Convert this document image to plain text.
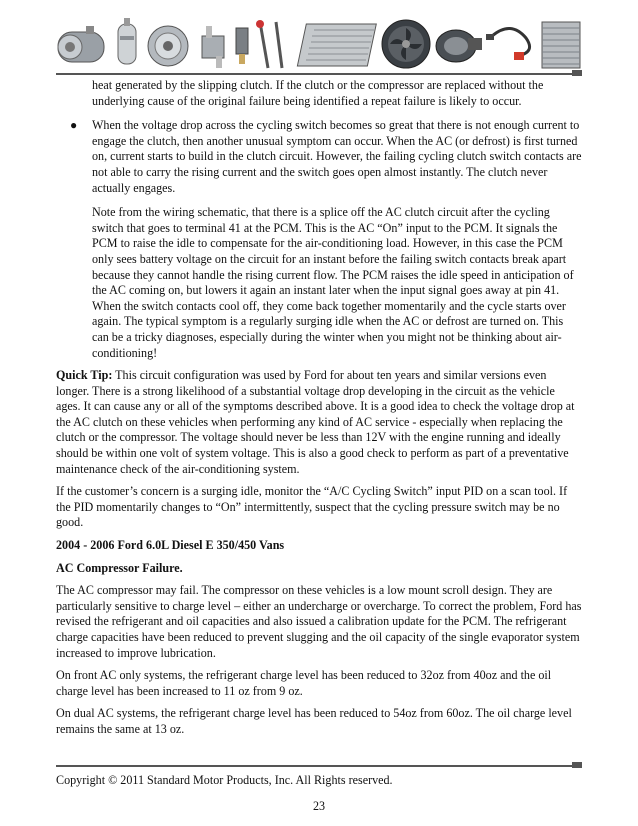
heat generated by the slipping clutch. If the clutch or the compressor are replaced without the underlying cause of the original failure being identified a repeat failure is likely to occur.

● When the voltage drop across the cycling switch becomes so great that there is not enough current to engage the clutch, then another unusual symptom can occur. When the AC (or defrost) is first turned on, current starts to build in the clutch circuit. However, the failing cycling clutch switch contacts are not able to carry the rising current and the switch goes open almost instantly. The clutch never actually engages.

Note from the wiring schematic, that there is a splice off the AC clutch circuit after the cycling switch that goes to terminal 41 at the PCM. This is the AC “On” input to the PCM. It signals the PCM to raise the idle to compensate for the air-conditioning load. However, in this case the PCM only sees battery voltage on the circuit for an instant before the failing switch contacts break apart because they cannot handle the rising current flow. The PCM raises the idle speed in anticipation of the AC coming on, but lowers it again an instant later when the input signal goes away at pin 41. When the switch contacts cool off, they come back together momentarily and the cycle starts over again. The typical symptom is a regularly surging idle when the AC or defrost are turned on. This can be a tricky diagnoses, especially during the winter when you might not be thinking about air-conditioning!

Quick Tip: This circuit configuration was used by Ford for about ten years and similar versions even longer. There is a strong likelihood of a substantial voltage drop developing in the circuit as the vehicle ages. It can cause any or all of the symptoms described above. It is a good idea to check the voltage drop at the AC clutch on these vehicles when performing any kind of AC service - especially when replacing the clutch or the compressor. The voltage should never be less than 12V with the engine running and ideally should be within one volt of system voltage. This is also a good check to perform as part of a preventative maintenance check of the air-conditioning system.

If the customer’s concern is a surging idle, monitor the “A/C Cycling Switch” input PID on a scan tool. If the PID momentarily changes to “On” intermittently, suspect that the cycling pressure switch may be no good.

2004 - 2006 Ford 6.0L Diesel E 350/450 Vans

AC Compressor Failure.

The AC compressor may fail. The compressor on these vehicles is a low mount scroll design. They are particularly sensitive to charge level – either an undercharge or overcharge. To correct the problem, Ford has revised the refrigerant and oil capacities and also issued a calibration update for the PCM. The refrigerant charge capacities have been reduced to prevent slugging and the oil capacity of the single evaporator system increased to improve lubrication.

On front AC only systems, the refrigerant charge level has been reduced to 32oz from 40oz and the oil charge level has been increased to 11 oz from 9 oz.

On dual AC systems, the refrigerant charge level has been reduced to 54oz from 60oz. The oil charge level remains the same at 13 oz.

Copyright © 2011 Standard Motor Products, Inc. All Rights reserved.
23
